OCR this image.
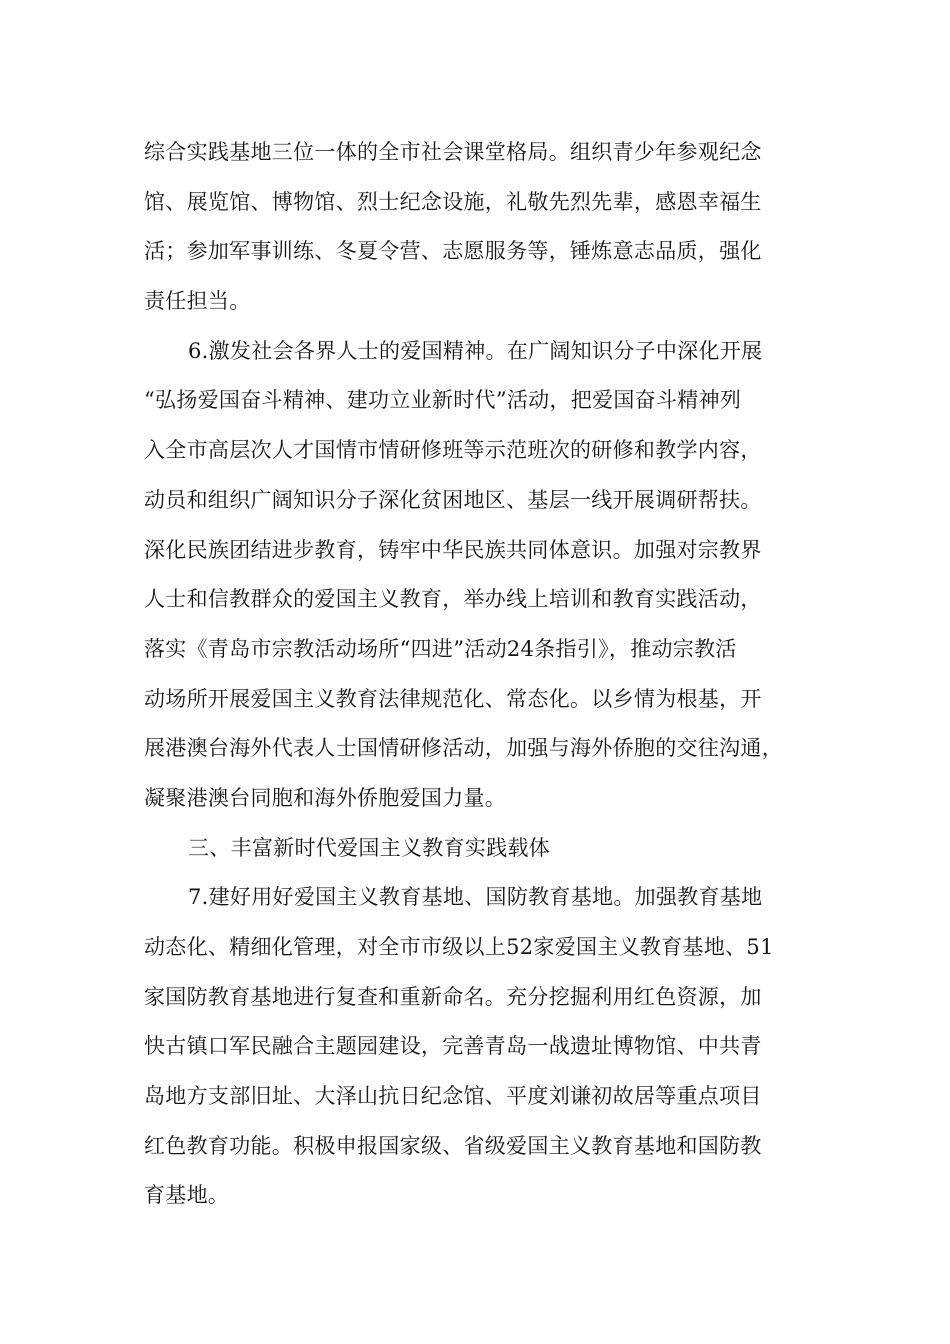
综合实践基地三位一体的全市社会课堂格局。组织青少年参观纪念
馆、展览馆、博物馆、烈士纪念设施，礼敬先烈先辈，感恩幸福生
活；参加军事训练、冬夏令营、志愿服务等，锤炼意志品质，强化
责任担当。
6.激发社会各界人士的爱国精神。在广阔知识分子中深化开展
“弘扬爱国奋斗精神、建功立业新时代”活动，把爱国奋斗精神列
入全市高层次人才国情市情研修班等示范班次的研修和教学内容，
动员和组织广阔知识分子深化贫困地区、基层一线开展调研帮扶。
深化民族团结进步教育，铸牢中华民族共同体意识。加强对宗教界
人士和信教群众的爱国主义教育，举办线上培训和教育实践活动，
落实《青岛市宗教活动场所“四进”活动24条指引》，推动宗教活
动场所开展爱国主义教育法律规范化、常态化。以乡情为根基，开
展港澳台海外代表人士国情研修活动，加强与海外侨胞的交往沟通，
凝聚港澳台同胞和海外侨胞爱国力量。
三、丰富新时代爱国主义教育实践载体
7.建好用好爱国主义教育基地、国防教育基地。加强教育基地
动态化、精细化管理，对全市市级以上52家爱国主义教育基地、51
家国防教育基地进行复查和重新命名。充分挖掘利用红色资源，加
快古镇口军民融合主题园建设，完善青岛一战遗址博物馆、中共青
岛地方支部旧址、大泽山抗日纪念馆、平度刘谦初故居等重点项目
红色教育功能。积极申报国家级、省级爱国主义教育基地和国防教
育基地。
